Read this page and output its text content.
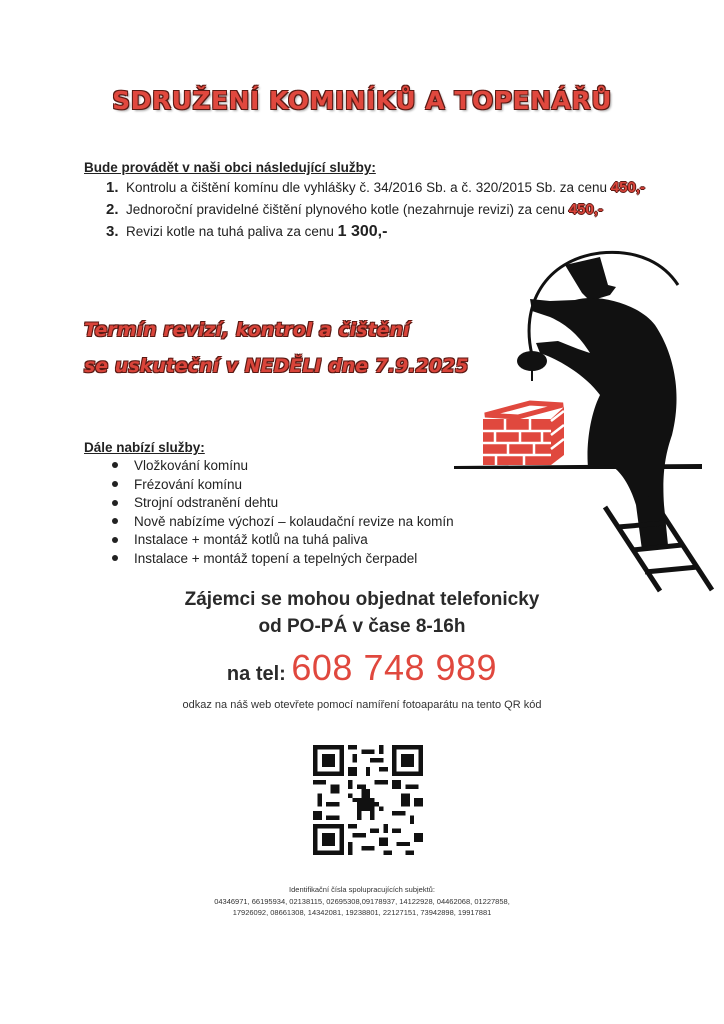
SDRUŽENÍ KOMINÍKŮ A TOPENÁŘŮ
Bude provádět v naši obci následující služby:
1. Kontrolu a čištění komínu dle vyhlášky č. 34/2016 Sb. a č. 320/2015 Sb. za cenu 450,-
2. Jednoroční pravidelné čištění plynového kotle (nezahrnuje revizi) za cenu 450,-
3. Revizi kotle na tuhá paliva za cenu 1 300,-
Termín revizí, kontrol a čištění
se uskuteční v NEDĚLI dne 7.9.2025
Dále nabízí služby:
Vložkování komínu
Frézování komínu
Strojní odstranění dehtu
Nově nabízíme výchozí – kolaudační revize na komín
Instalace + montáž kotlů na tuhá paliva
Instalace + montáž topení a tepelných čerpadel
Zájemci se mohou objednat telefonicky
od PO-PÁ v čase 8-16h
na tel: 608 748 989
odkaz na náš web otevřete pomocí namíření fotoaparátu na tento QR kód
Identifikační čísla spolupracujících subjektů:
04346971, 66195934, 02138115, 02695308,09178937, 14122928, 04462068, 01227858,
17926092, 08661308, 14342081, 19238801, 22127151, 73942898, 19917881
